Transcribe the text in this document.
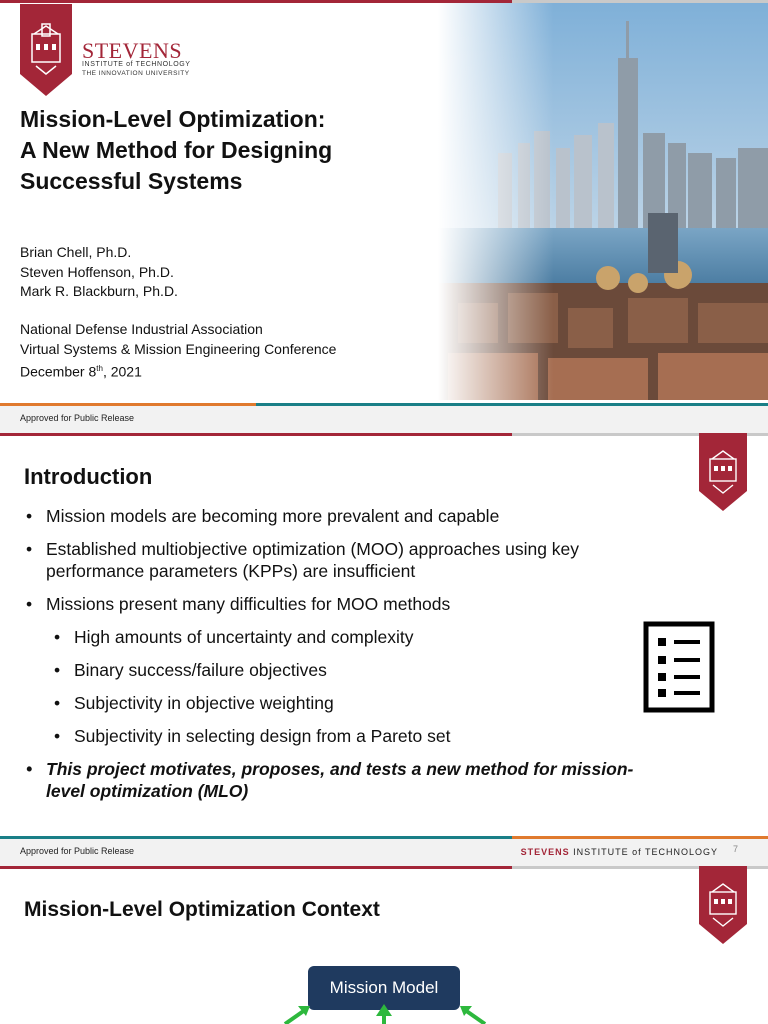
STEVENS
INSTITUTE of TECHNOLOGY
THE INNOVATION UNIVERSITY
Mission-Level Optimization:
A New Method for Designing
Successful Systems
Brian Chell, Ph.D.
Steven Hoffenson, Ph.D.
Mark R. Blackburn, Ph.D.
National Defense Industrial Association
Virtual Systems & Mission Engineering Conference
December 8th, 2021
Approved for Public Release
Introduction
• Mission models are becoming more prevalent and capable
• Established multiobjective optimization (MOO) approaches using key performance parameters (KPPs) are insufficient
• Missions present many difficulties for MOO methods
• High amounts of uncertainty and complexity
• Binary success/failure objectives
• Subjectivity in objective weighting
• Subjectivity in selecting design from a Pareto set
• This project motivates, proposes, and tests a new method for mission-level optimization (MLO)
Approved for Public Release	STEVENS INSTITUTE of TECHNOLOGY 7
Mission-Level Optimization Context
Mission Model
